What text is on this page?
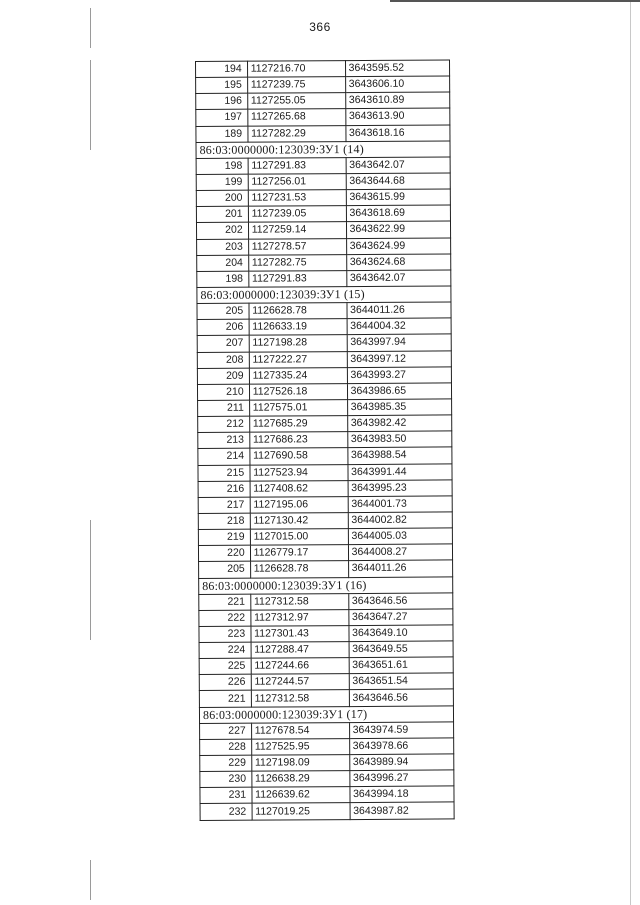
366
194	1127216.70	3643595.52
195	1127239.75	3643606.10
196	1127255.05	3643610.89
197	1127265.68	3643613.90
189	1127282.29	3643618.16
86:03:0000000:123039:ЗУ1 (14)		
198	1127291.83	3643642.07
199	1127256.01	3643644.68
200	1127231.53	3643615.99
201	1127239.05	3643618.69
202	1127259.14	3643622.99
203	1127278.57	3643624.99
204	1127282.75	3643624.68
198	1127291.83	3643642.07
86:03:0000000:123039:ЗУ1 (15)		
205	1126628.78	3644011.26
206	1126633.19	3644004.32
207	1127198.28	3643997.94
208	1127222.27	3643997.12
209	1127335.24	3643993.27
210	1127526.18	3643986.65
211	1127575.01	3643985.35
212	1127685.29	3643982.42
213	1127686.23	3643983.50
214	1127690.58	3643988.54
215	1127523.94	3643991.44
216	1127408.62	3643995.23
217	1127195.06	3644001.73
218	1127130.42	3644002.82
219	1127015.00	3644005.03
220	1126779.17	3644008.27
205	1126628.78	3644011.26
86:03:0000000:123039:ЗУ1 (16)		
221	1127312.58	3643646.56
222	1127312.97	3643647.27
223	1127301.43	3643649.10
224	1127288.47	3643649.55
225	1127244.66	3643651.61
226	1127244.57	3643651.54
221	1127312.58	3643646.56
86:03:0000000:123039:ЗУ1 (17)		
227	1127678.54	3643974.59
228	1127525.95	3643978.66
229	1127198.09	3643989.94
230	1126638.29	3643996.27
231	1126639.62	3643994.18
232	1127019.25	3643987.82
